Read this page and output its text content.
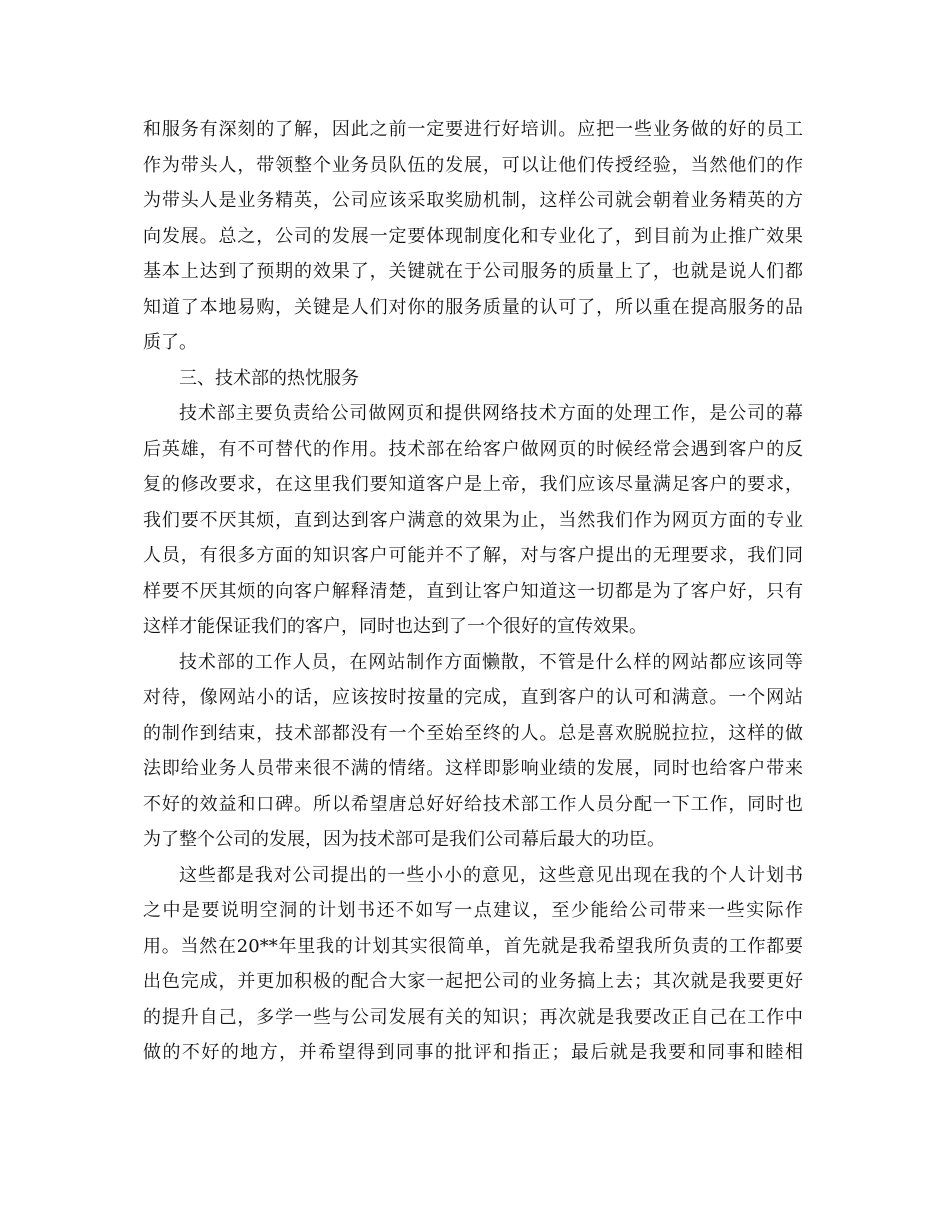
和服务有深刻的了解，因此之前一定要进行好培训。应把一些业务做的好的员工
作为带头人，带领整个业务员队伍的发展，可以让他们传授经验，当然他们的作
为带头人是业务精英，公司应该采取奖励机制，这样公司就会朝着业务精英的方
向发展。总之，公司的发展一定要体现制度化和专业化了，到目前为止推广效果
基本上达到了预期的效果了，关键就在于公司服务的质量上了，也就是说人们都
知道了本地易购，关键是人们对你的服务质量的认可了，所以重在提高服务的品
质了。
三、技术部的热忱服务
技术部主要负责给公司做网页和提供网络技术方面的处理工作，是公司的幕
后英雄，有不可替代的作用。技术部在给客户做网页的时候经常会遇到客户的反
复的修改要求，在这里我们要知道客户是上帝，我们应该尽量满足客户的要求，
我们要不厌其烦，直到达到客户满意的效果为止，当然我们作为网页方面的专业
人员，有很多方面的知识客户可能并不了解，对与客户提出的无理要求，我们同
样要不厌其烦的向客户解释清楚，直到让客户知道这一切都是为了客户好，只有
这样才能保证我们的客户，同时也达到了一个很好的宣传效果。
技术部的工作人员，在网站制作方面懒散，不管是什么样的网站都应该同等
对待，像网站小的话，应该按时按量的完成，直到客户的认可和满意。一个网站
的制作到结束，技术部都没有一个至始至终的人。总是喜欢脱脱拉拉，这样的做
法即给业务人员带来很不满的情绪。这样即影响业绩的发展，同时也给客户带来
不好的效益和口碑。所以希望唐总好好给技术部工作人员分配一下工作，同时也
为了整个公司的发展，因为技术部可是我们公司幕后最大的功臣。
这些都是我对公司提出的一些小小的意见，这些意见出现在我的个人计划书
之中是要说明空洞的计划书还不如写一点建议，至少能给公司带来一些实际作
用。当然在20**年里我的计划其实很简单，首先就是我希望我所负责的工作都要
出色完成，并更加积极的配合大家一起把公司的业务搞上去；其次就是我要更好
的提升自己，多学一些与公司发展有关的知识；再次就是我要改正自己在工作中
做的不好的地方，并希望得到同事的批评和指正；最后就是我要和同事和睦相
